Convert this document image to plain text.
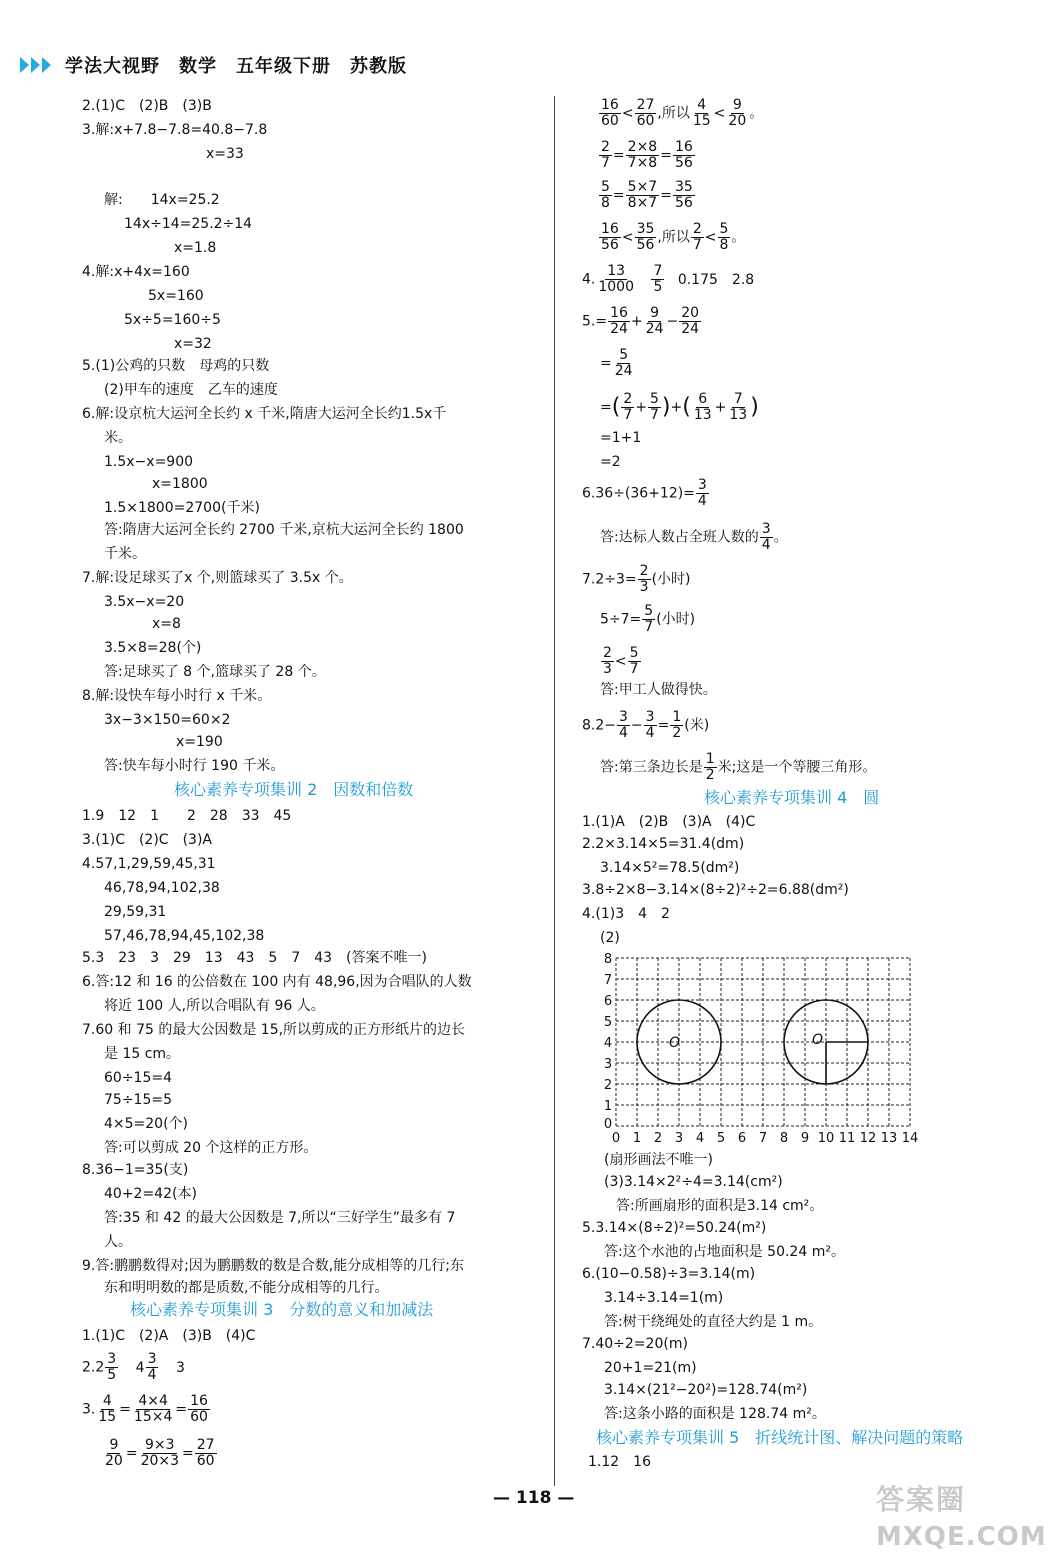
学法大视野　数学　五年级下册　苏教版
2.(1)C　(2)B　(3)B
3.解:x+7.8−7.8=40.8−7.8
x=33
解:　　14x=25.2
14x÷14=25.2÷14
x=1.8
4.解:x+4x=160
5x=160
5x÷5=160÷5
x=32
5.(1)公鸡的只数　母鸡的只数
(2)甲车的速度　乙车的速度
6.解:设京杭大运河全长约 x 千米,隋唐大运河全长约1.5x千
米。
1.5x−x=900
x=1800
1.5×1800=2700(千米)
答:隋唐大运河全长约 2700 千米,京杭大运河全长约 1800
千米。
7.解:设足球买了x 个,则篮球买了 3.5x 个。
3.5x−x=20
x=8
3.5×8=28(个)
答:足球买了 8 个,篮球买了 28 个。
8.解:设快车每小时行 x 千米。
3x−3×150=60×2
x=190
答:快车每小时行 190 千米。
核心素养专项集训 2　因数和倍数
1.9　12　1　　2　28　33　45
3.(1)C　(2)C　(3)A
4.57,1,29,59,45,31
46,78,94,102,38
29,59,31
57,46,78,94,45,102,38
5.3　23　3　29　13　43　5　7　43　(答案不唯一)
6.答:12 和 16 的公倍数在 100 内有 48,96,因为合唱队的人数
将近 100 人,所以合唱队有 96 人。
7.60 和 75 的最大公因数是 15,所以剪成的正方形纸片的边长
是 15 cm。
60÷15=4
75÷15=5
4×5=20(个)
答:可以剪成 20 个这样的正方形。
8.36−1=35(支)
40+2=42(本)
答:35 和 42 的最大公因数是 7,所以“三好学生”最多有 7
人。
9.答:鹏鹏数得对;因为鹏鹏数的数是合数,能分成相等的几行;东
东和明明数的都是质数,不能分成相等的几行。
核心素养专项集训 3　分数的意义和加减法
1.(1)C　(2)A　(3)B　(4)C
$2.2 \frac{3}{5} 4 \frac{3}{4} 3$
3. $\frac{4}{15} = \frac{4\times 4}{15\times 4} = \frac{16}{60}$
$\frac{9}{20} = \frac{9\times 3}{20\times 3} = \frac{27}{60}$
$\frac{16}{60} < \frac{27}{60}$ ,所以 $\frac{4}{15} < \frac{9}{20}$ 。
$\frac{2}{7} = \frac{2\times 8}{7\times 8} = \frac{16}{56}$
$\frac{5}{8} = \frac{5\times 7}{8\times 7} = \frac{35}{56}$
$\frac{16}{56} < \frac{35}{56}$ ,所以 $\frac{2}{7} < \frac{5}{8}$ 。
4. $\frac{13}{1000}$
$\frac{7}{5} 0.175$　2.8
$5.= \frac{16}{24} + \frac{9}{24} - \frac{20}{24}$
= $\frac{5}{24}$
=( $\frac{2}{7} + \frac{5}{7}$ )+( $\frac{6}{13} + \frac{7}{13}$ )
=1+1
=2
$6.36\div(36+12)= \frac{3}{4}$
答:达标人数占全班人数的 $\frac{3}{4}$ 。
$7.2\div 3= \frac{2}{3}$ (小时)
$5\div 7= \frac{5}{7}$ (小时)
$\frac{2}{3} < \frac{5}{7}$
答:甲工人做得快。
$8.2- \frac{3}{4} - \frac{3}{4} = \frac{1}{2}$ (米)
答:第三条边长是 $\frac{1}{2}$ 米;这是一个等腰三角形。
核心素养专项集训 4　圆
1.(1)A　(2)B　(3)A　(4)C
2.2×3.14×5=31.4(dm)
3.14×5²=78.5(dm²)
3.8÷2×8−3.14×(8÷2)²÷2=6.88(dm²)
4.(1)3　4　2
(2)
0 1 2 3 4 5 6 7 8 9 10 11 12 13 14
8
7
6
5
4
3
2
1
0
O	O
(扇形画法不唯一)
(3)3.14×2²÷4=3.14(cm²)
答:所画扇形的面积是3.14 cm²。
5.3.14×(8÷2)²=50.24(m²)
答:这个水池的占地面积是 50.24 m²。
6.(10−0.58)÷3=3.14(m)
3.14÷3.14=1(m)
答:树干绕绳处的直径大约是 1 m。
7.40÷2=20(m)
20+1=21(m)
3.14×(21²−20²)=128.74(m²)
答:这条小路的面积是 128.74 m²。
核心素养专项集训 5　折线统计图、解决问题的策略
1.12　16
— 118 —	答案圈
MXQE.COM
